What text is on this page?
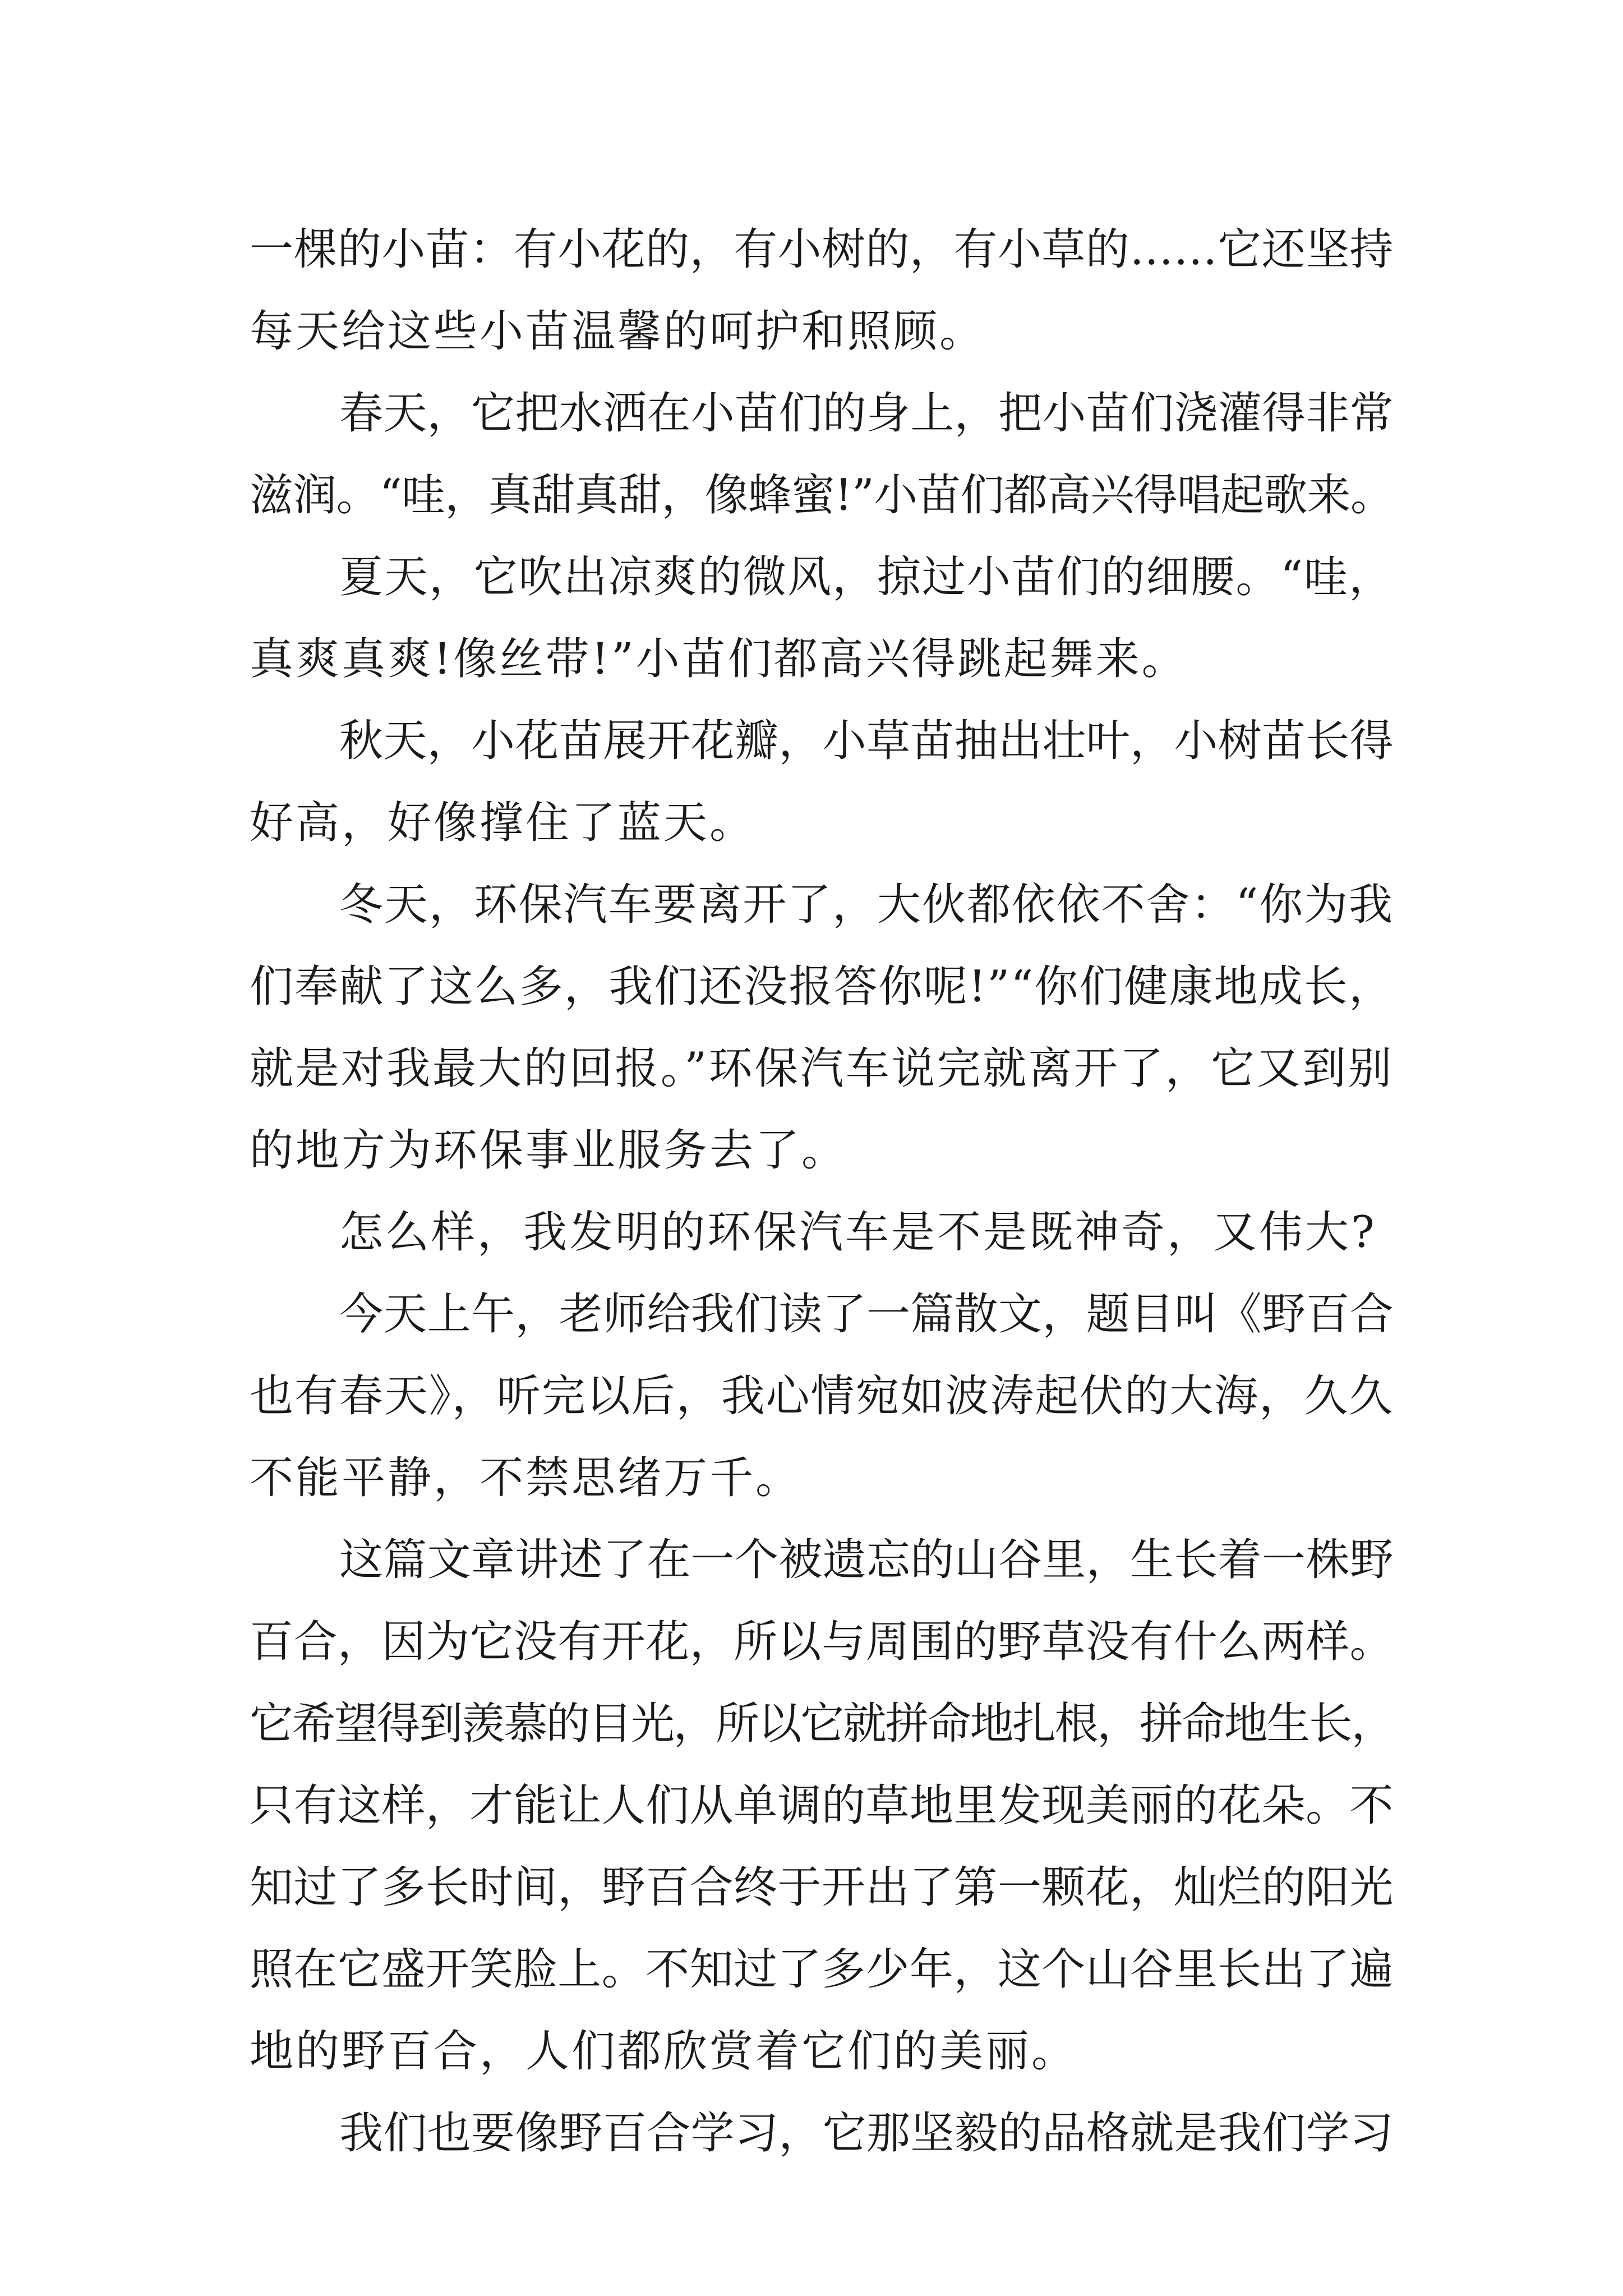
一棵的小苗：有小花的，有小树的，有小草的……它还坚持
每天给这些小苗温馨的呵护和照顾。
春天，它把水洒在小苗们的身上，把小苗们浇灌得非常
滋润。“哇，真甜真甜，像蜂蜜!”小苗们都高兴得唱起歌来。
夏天，它吹出凉爽的微风，掠过小苗们的细腰。“哇，
真爽真爽!像丝带!”小苗们都高兴得跳起舞来。
秋天，小花苗展开花瓣，小草苗抽出壮叶，小树苗长得
好高，好像撑住了蓝天。
冬天，环保汽车要离开了，大伙都依依不舍：“你为我
们奉献了这么多，我们还没报答你呢!”“你们健康地成长，
就是对我最大的回报。”环保汽车说完就离开了，它又到别
的地方为环保事业服务去了。
怎么样，我发明的环保汽车是不是既神奇，又伟大?
今天上午，老师给我们读了一篇散文，题目叫《野百合
也有春天》，听完以后，我心情宛如波涛起伏的大海，久久
不能平静，不禁思绪万千。
这篇文章讲述了在一个被遗忘的山谷里，生长着一株野
百合，因为它没有开花，所以与周围的野草没有什么两样。
它希望得到羡慕的目光，所以它就拼命地扎根，拼命地生长，
只有这样，才能让人们从单调的草地里发现美丽的花朵。不
知过了多长时间，野百合终于开出了第一颗花，灿烂的阳光
照在它盛开笑脸上。不知过了多少年，这个山谷里长出了遍
地的野百合，人们都欣赏着它们的美丽。
我们也要像野百合学习，它那坚毅的品格就是我们学习
